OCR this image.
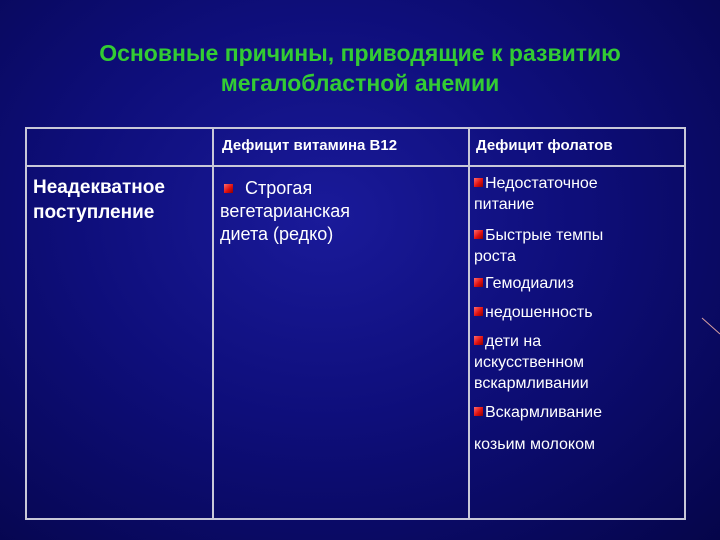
Основные причины, приводящие к развитию
мегалобластной анемии
Дефицит витамина В12	Дефицит фолатов
Неадекватное
поступление
Строгая
вегетарианская
диета (редко)
Недостаточное
питание
Быстрые темпы
роста
Гемодиализ
недошенность
дети на
искусственном
вскармливании
Вскармливание
козьим молоком
